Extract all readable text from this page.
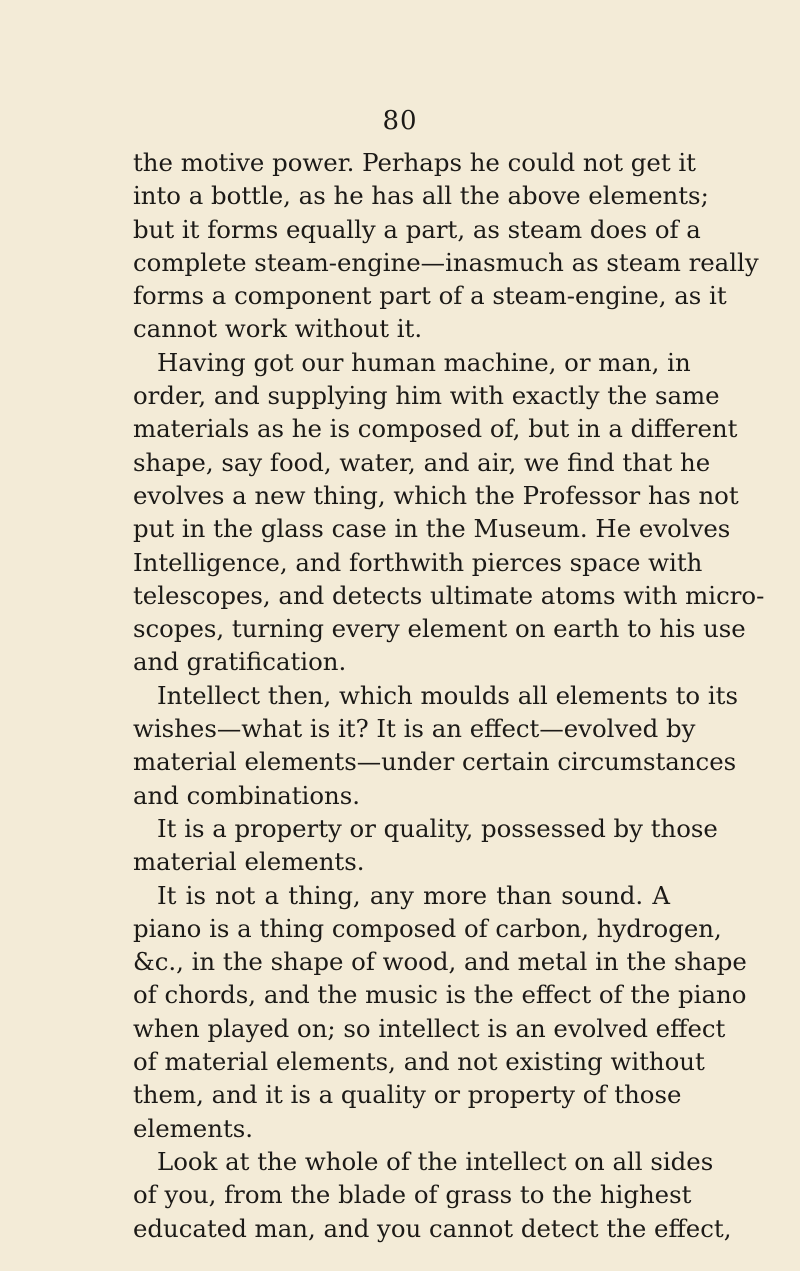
80
the motive power. Perhaps he could not get it
into a bottle, as he has all the above elements;
but it forms equally a part, as steam does of a
complete steam-engine—inasmuch as steam really
forms a component part of a steam-engine, as it
cannot work without it.
Having got our human machine, or man, in
order, and supplying him with exactly the same
materials as he is composed of, but in a different
shape, say food, water, and air, we find that he
evolves a new thing, which the Professor has not
put in the glass case in the Museum. He evolves
Intelligence, and forthwith pierces space with
telescopes, and detects ultimate atoms with micro-
scopes, turning every element on earth to his use
and gratification.
Intellect then, which moulds all elements to its
wishes—what is it? It is an effect—evolved by
material elements—under certain circumstances
and combinations.
It is a property or quality, possessed by those
material elements.
It is not a thing, any more than sound. A
piano is a thing composed of carbon, hydrogen,
&c., in the shape of wood, and metal in the shape
of chords, and the music is the effect of the piano
when played on; so intellect is an evolved effect
of material elements, and not existing without
them, and it is a quality or property of those
elements.
Look at the whole of the intellect on all sides
of you, from the blade of grass to the highest
educated man, and you cannot detect the effect,
